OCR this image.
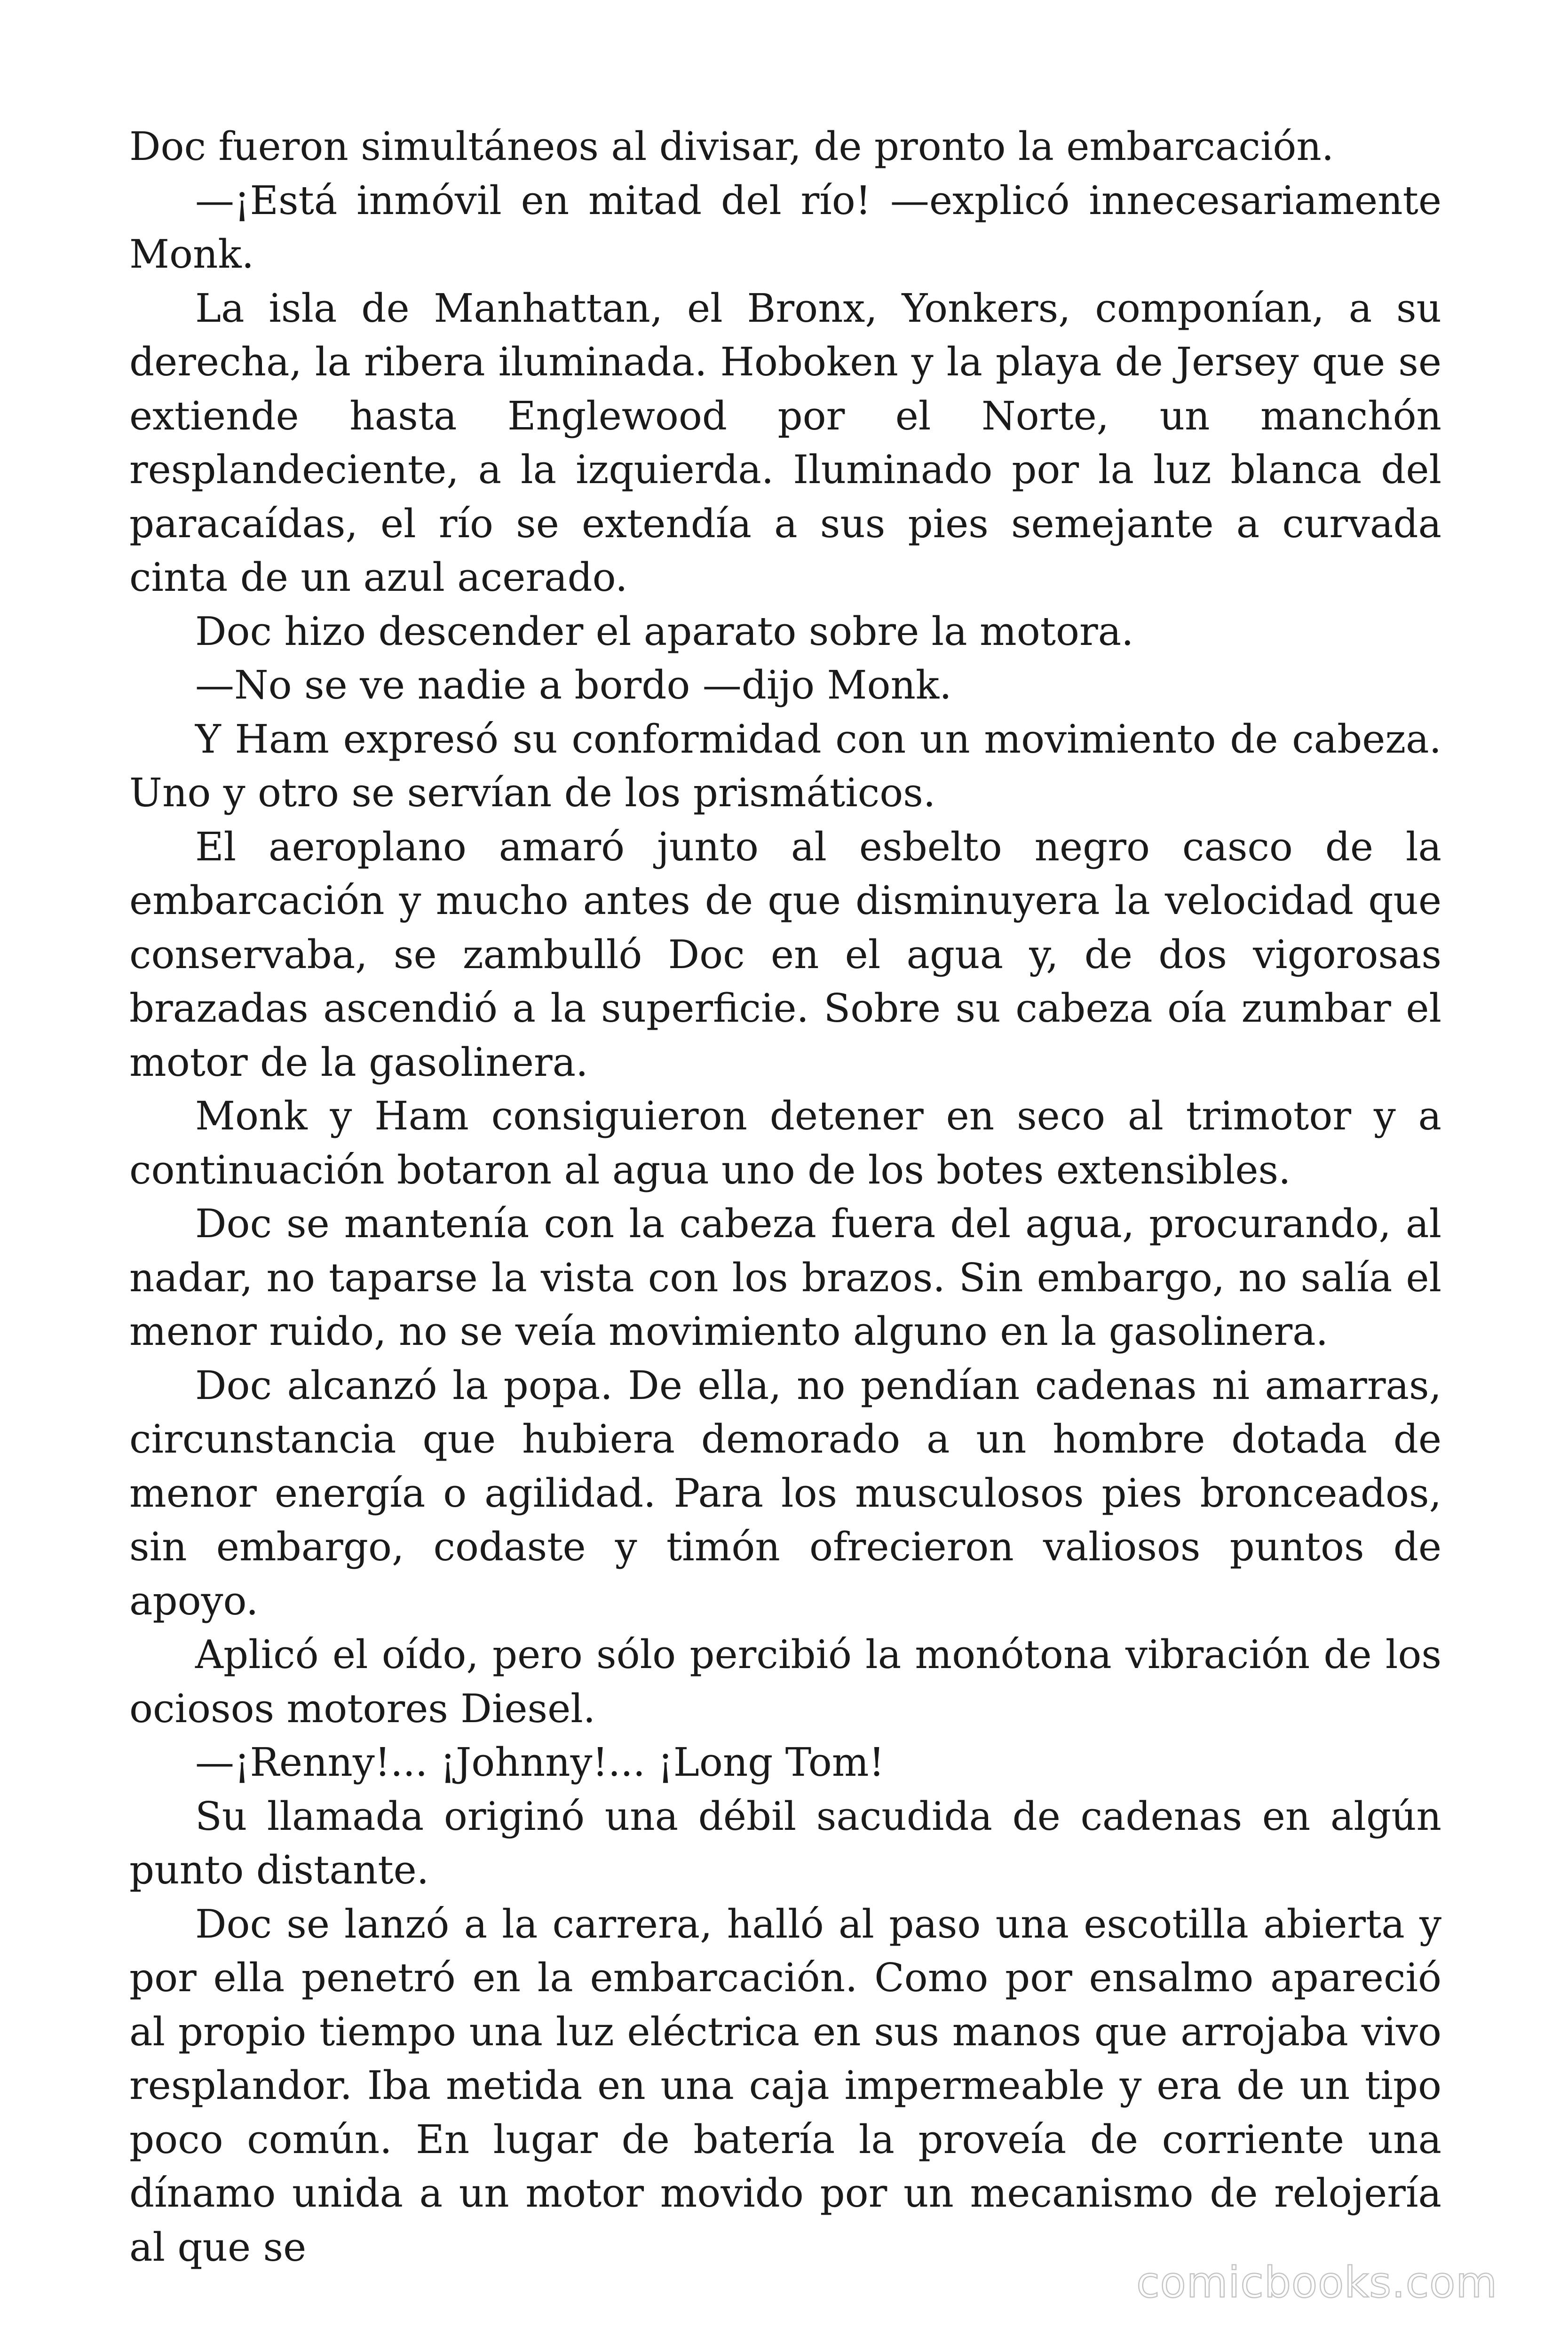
Doc fueron simultáneos al divisar, de pronto la embarcación.

—¡Está inmóvil en mitad del río! —explicó innecesariamente Monk.

La isla de Manhattan, el Bronx, Yonkers, componían, a su derecha, la ribera iluminada. Hoboken y la playa de Jersey que se extiende hasta Englewood por el Norte, un manchón resplandeciente, a la izquierda. Iluminado por la luz blanca del paracaídas, el río se extendía a sus pies semejante a curvada cinta de un azul acerado.

Doc hizo descender el aparato sobre la motora.

—No se ve nadie a bordo —dijo Monk.

Y Ham expresó su conformidad con un movimiento de cabeza. Uno y otro se servían de los prismáticos.

El aeroplano amaró junto al esbelto negro casco de la embarcación y mucho antes de que disminuyera la velocidad que conservaba, se zambulló Doc en el agua y, de dos vigorosas brazadas ascendió a la superficie. Sobre su cabeza oía zumbar el motor de la gasolinera.

Monk y Ham consiguieron detener en seco al trimotor y a continuación botaron al agua uno de los botes extensibles.

Doc se mantenía con la cabeza fuera del agua, procurando, al nadar, no taparse la vista con los brazos. Sin embargo, no salía el menor ruido, no se veía movimiento alguno en la gasolinera.

Doc alcanzó la popa. De ella, no pendían cadenas ni amarras, circunstancia que hubiera demorado a un hombre dotada de menor energía o agilidad. Para los musculosos pies bronceados, sin embargo, codaste y timón ofrecieron valiosos puntos de apoyo.

Aplicó el oído, pero sólo percibió la monótona vibración de los ociosos motores Diesel.

—¡Renny!... ¡Johnny!... ¡Long Tom!

Su llamada originó una débil sacudida de cadenas en algún punto distante.

Doc se lanzó a la carrera, halló al paso una escotilla abierta y por ella penetró en la embarcación. Como por ensalmo apareció al propio tiempo una luz eléctrica en sus manos que arrojaba vivo resplandor. Iba metida en una caja impermeable y era de un tipo poco común. En lugar de batería la proveía de corriente una dínamo unida a un motor movido por un mecanismo de relojería al que se

comicbooks.com
